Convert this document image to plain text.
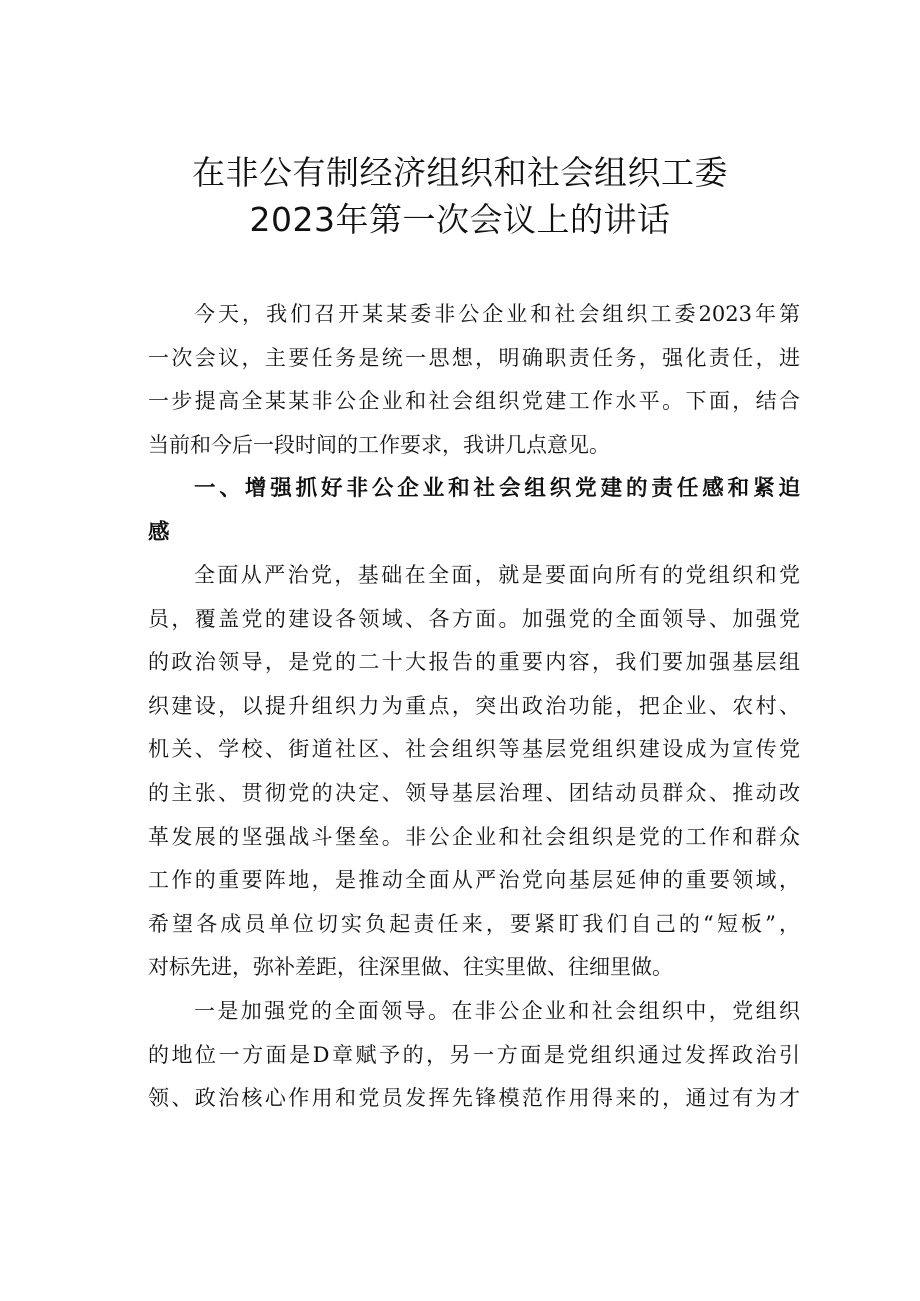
在非公有制经济组织和社会组织工委
2023年第一次会议上的讲话
今天，我们召开某某委非公企业和社会组织工委2023年第
一次会议，主要任务是统一思想，明确职责任务，强化责任，进
一步提高全某某非公企业和社会组织党建工作水平。下面，结合
当前和今后一段时间的工作要求，我讲几点意见。
一、增强抓好非公企业和社会组织党建的责任感和紧迫
感
全面从严治党，基础在全面，就是要面向所有的党组织和党
员，覆盖党的建设各领域、各方面。加强党的全面领导、加强党
的政治领导，是党的二十大报告的重要内容，我们要加强基层组
织建设，以提升组织力为重点，突出政治功能，把企业、农村、
机关、学校、街道社区、社会组织等基层党组织建设成为宣传党
的主张、贯彻党的决定、领导基层治理、团结动员群众、推动改
革发展的坚强战斗堡垒。非公企业和社会组织是党的工作和群众
工作的重要阵地，是推动全面从严治党向基层延伸的重要领域，
希望各成员单位切实负起责任来，要紧盯我们自己的“短板”，
对标先进，弥补差距，往深里做、往实里做、往细里做。
一是加强党的全面领导。在非公企业和社会组织中，党组织
的地位一方面是D章赋予的，另一方面是党组织通过发挥政治引
领、政治核心作用和党员发挥先锋模范作用得来的，通过有为才
